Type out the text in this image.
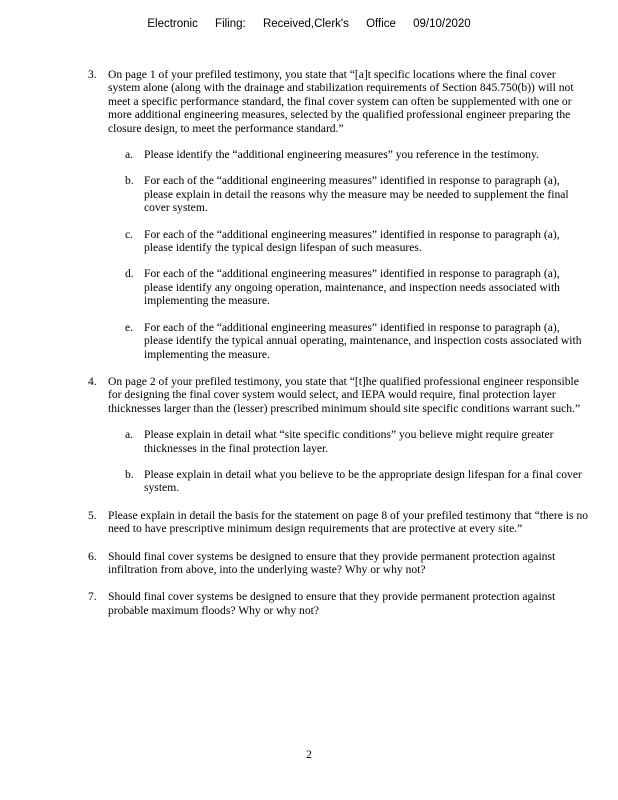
Electronic Filing: Received,Clerk's Office 09/10/2020
3. On page 1 of your prefiled testimony, you state that “[a]t specific locations where the final cover system alone (along with the drainage and stabilization requirements of Section 845.750(b)) will not meet a specific performance standard, the final cover system can often be supplemented with one or more additional engineering measures, selected by the qualified professional engineer preparing the closure design, to meet the performance standard.”
a. Please identify the “additional engineering measures” you reference in the testimony.
b. For each of the “additional engineering measures” identified in response to paragraph (a), please explain in detail the reasons why the measure may be needed to supplement the final cover system.
c. For each of the “additional engineering measures” identified in response to paragraph (a), please identify the typical design lifespan of such measures.
d. For each of the “additional engineering measures” identified in response to paragraph (a), please identify any ongoing operation, maintenance, and inspection needs associated with implementing the measure.
e. For each of the “additional engineering measures” identified in response to paragraph (a), please identify the typical annual operating, maintenance, and inspection costs associated with implementing the measure.
4. On page 2 of your prefiled testimony, you state that “[t]he qualified professional engineer responsible for designing the final cover system would select, and IEPA would require, final protection layer thicknesses larger than the (lesser) prescribed minimum should site specific conditions warrant such.”
a. Please explain in detail what “site specific conditions” you believe might require greater thicknesses in the final protection layer.
b. Please explain in detail what you believe to be the appropriate design lifespan for a final cover system.
5. Please explain in detail the basis for the statement on page 8 of your prefiled testimony that “there is no need to have prescriptive minimum design requirements that are protective at every site.”
6. Should final cover systems be designed to ensure that they provide permanent protection against infiltration from above, into the underlying waste? Why or why not?
7. Should final cover systems be designed to ensure that they provide permanent protection against probable maximum floods? Why or why not?
2
